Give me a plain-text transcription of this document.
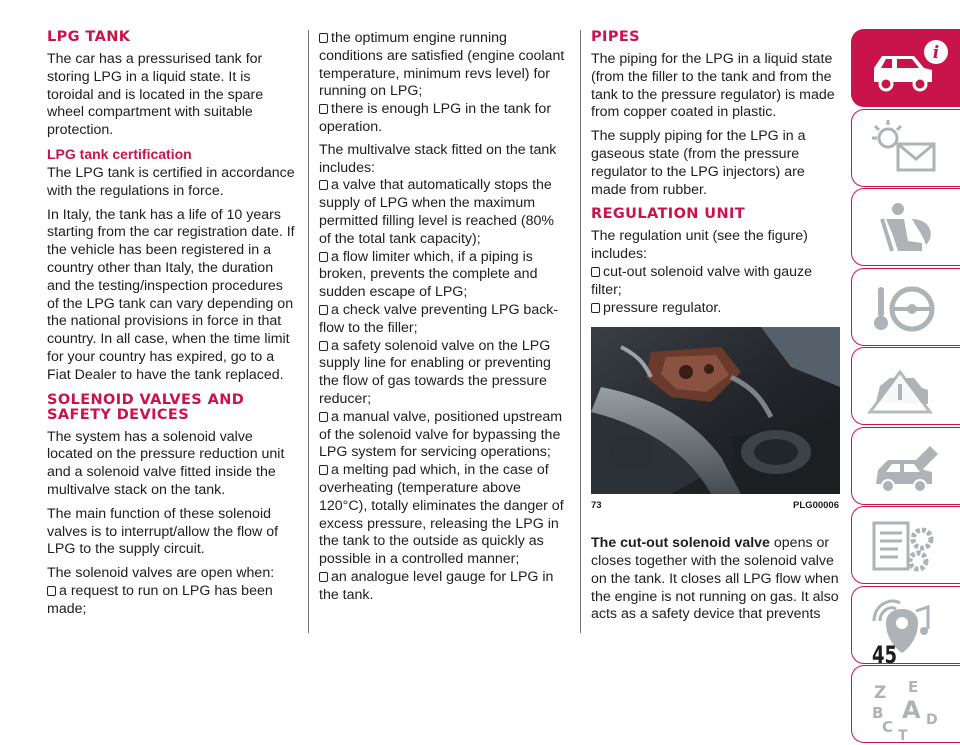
LPG TANK

The car has a pressurised tank for storing LPG in a liquid state. It is toroidal and is located in the spare wheel compartment with suitable protection.

LPG tank certification

The LPG tank is certified in accordance with the regulations in force.

In Italy, the tank has a life of 10 years starting from the car registration date. If the vehicle has been registered in a country other than Italy, the duration and the testing/inspection procedures of the LPG tank can vary depending on the national provisions in force in that country. In all case, when the time limit for your country has expired, go to a Fiat Dealer to have the tank replaced.

SOLENOID VALVES AND SAFETY DEVICES

The system has a solenoid valve located on the pressure reduction unit and a solenoid valve fitted inside the multivalve stack on the tank.

The main function of these solenoid valves is to interrupt/allow the flow of LPG to the supply circuit.

The solenoid valves are open when:

a request to run on LPG has been made;
the optimum engine running conditions are satisfied (engine coolant temperature, minimum revs level) for running on LPG;
there is enough LPG in the tank for operation.

The multivalve stack fitted on the tank includes:

a valve that automatically stops the supply of LPG when the maximum permitted filling level is reached (80% of the total tank capacity);
a flow limiter which, if a piping is broken, prevents the complete and sudden escape of LPG;
a check valve preventing LPG back-flow to the filler;
a safety solenoid valve on the LPG supply line for enabling or preventing the flow of gas towards the pressure reducer;
a manual valve, positioned upstream of the solenoid valve for bypassing the LPG system for servicing operations;
a melting pad which, in the case of overheating (temperature above 120°C), totally eliminates the danger of excess pressure, releasing the LPG in the tank to the outside as quickly as possible in a controlled manner;
an analogue level gauge for LPG in the tank.
PIPES

The piping for the LPG in a liquid state (from the filler to the tank and from the tank to the pressure regulator) is made from copper coated in plastic.

The supply piping for the LPG in a gaseous state (from the pressure regulator to the LPG injectors) are made from rubber.

REGULATION UNIT

The regulation unit (see the figure) includes:

cut-out solenoid valve with gauze filter;
pressure regulator.
73	PLG00006

The cut-out solenoid valve opens or closes together with the solenoid valve on the tank. It closes all LPG flow when the engine is not running on gas. It also acts as a safety device that prevents

i
Z E
B A
C D
T
45
